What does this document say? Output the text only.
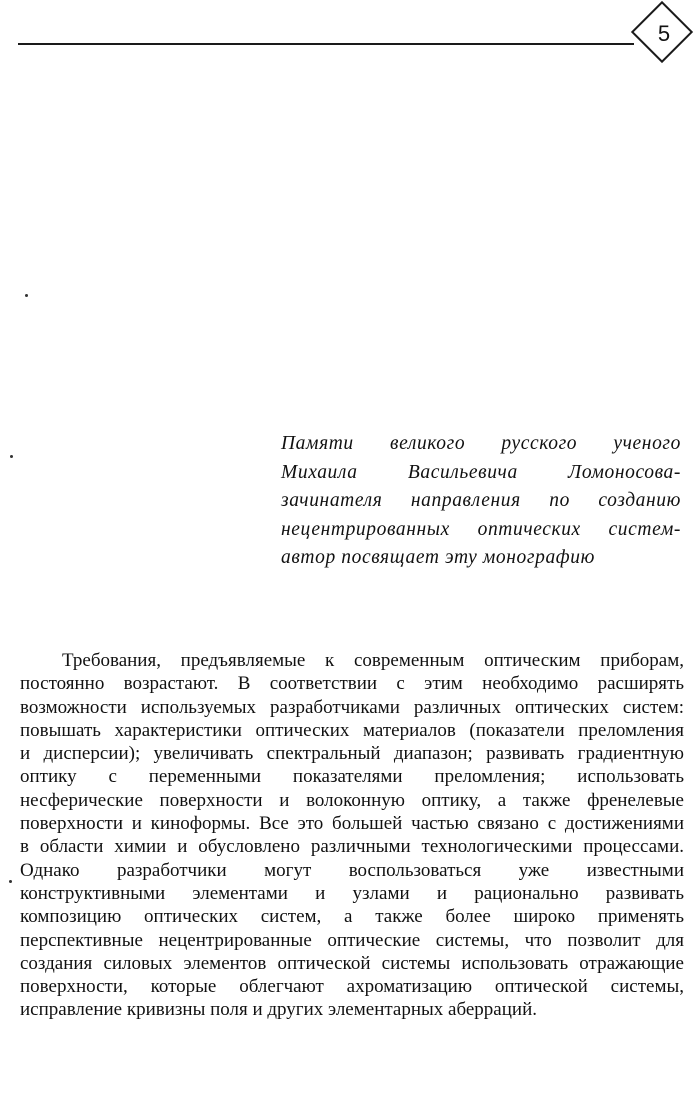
5
Памяти великого русского ученого
Михаила Васильевича Ломоносова-
зачинателя направления по созданию
нецентрированных оптических систем-
автор посвящает эту монографию
Требования, предъявляемые к современным оптическим приборам,
постоянно возрастают. В соответствии с этим необходимо расширять
возможности используемых разработчиками различных оптических систем:
повышать характеристики оптических материалов (показатели преломления
и дисперсии); увеличивать спектральный диапазон; развивать градиентную
оптику с переменными показателями преломления; использовать
несферические поверхности и волоконную оптику, а также френелевые
поверхности и киноформы. Все это большей частью связано с достижениями
в области химии и обусловлено различными технологическими процессами.
Однако разработчики могут воспользоваться уже известными
конструктивными элементами и узлами и рационально развивать
композицию оптических систем, а также более широко применять
перспективные нецентрированные оптические системы, что позволит для
создания силовых элементов оптической системы использовать отражающие
поверхности, которые облегчают ахроматизацию оптической системы,
исправление кривизны поля и других элементарных аберраций.
